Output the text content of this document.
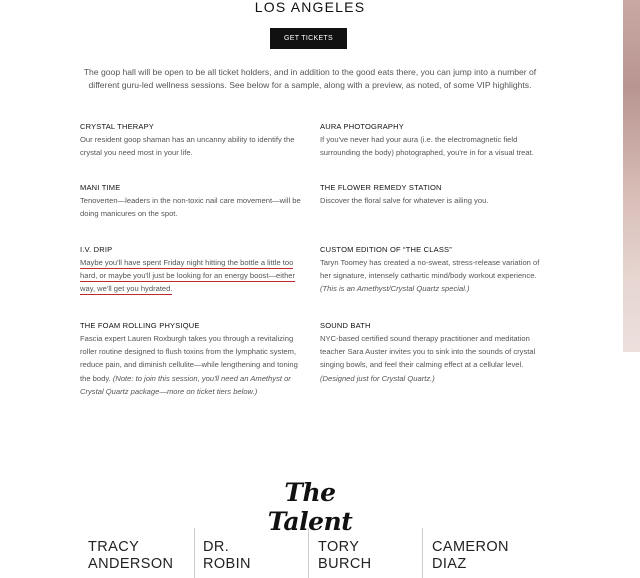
LOS ANGELES
GET TICKETS

The goop hall will be open to be all ticket holders, and in addition to the good eats there, you can jump into a number of different guru-led wellness sessions. See below for a sample, along with a preview, as noted, of some VIP highlights.

CRYSTAL THERAPY

Our resident goop shaman has an uncanny ability to identify the crystal you need most in your life.

AURA PHOTOGRAPHY

If you've never had your aura (i.e. the electromagnetic field surrounding the body) photographed, you're in for a visual treat.

MANI TIME

Tenoverten—leaders in the non-toxic nail care movement—will be doing manicures on the spot.

THE FLOWER REMEDY STATION

Discover the floral salve for whatever is ailing you.

I.V. DRIP

Maybe you'll have spent Friday night hitting the bottle a little too hard, or maybe you'll just be looking for an energy boost—either way, we'll get you hydrated.

CUSTOM EDITION OF “THE CLASS”

Taryn Toomey has created a no-sweat, stress-release variation of her signature, intensely cathartic mind/body workout experience. (This is an Amethyst/Crystal Quartz special.)

THE FOAM ROLLING PHYSIQUE

Fascia expert Lauren Roxburgh takes you through a revitalizing roller routine designed to flush toxins from the lymphatic system, reduce pain, and diminish cellulite—while lengthening and toning the body. (Note: to join this session, you'll need an Amethyst or Crystal Quartz package—more on ticket tiers below.)

SOUND BATH

NYC-based certified sound therapy practitioner and meditation teacher Sara Auster invites you to sink into the sounds of crystal singing bowls, and feel their calming effect at a cellular level. (Designed just for Crystal Quartz.)

The Talent
TRACY
ANDERSON
DR.
ROBIN
TORY
BURCH
CAMERON
DIAZ
